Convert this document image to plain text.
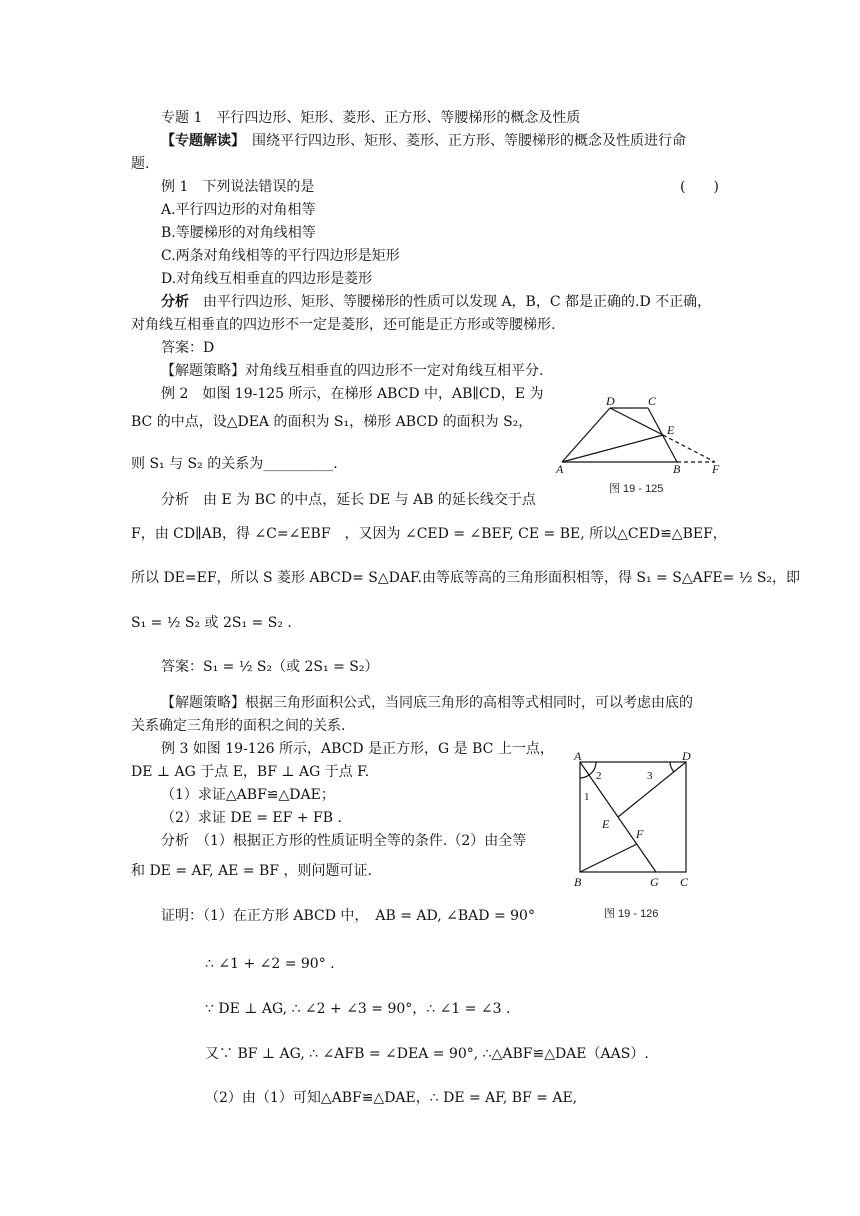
专题 1　平行四边形、矩形、菱形、正方形、等腰梯形的概念及性质
【专题解读】　围绕平行四边形、矩形、菱形、正方形、等腰梯形的概念及性质进行命
题.
例 1　下列说法错误的是	(　　)
A.平行四边形的对角相等
B.等腰梯形的对角线相等
C.两条对角线相等的平行四边形是矩形
D.对角线互相垂直的四边形是菱形
分析　由平行四边形、矩形、等腰梯形的性质可以发现 A，B，C 都是正确的.D 不正确，
对角线互相垂直的四边形不一定是菱形，还可能是正方形或等腰梯形.
答案：D
【解题策略】对角线互相垂直的四边形不一定对角线互相平分.
例 2　如图 19-125 所示，在梯形 ABCD 中，AB∥CD，E 为
BC 的中点，设△DEA 的面积为 S₁，梯形 ABCD 的面积为 S₂，
则 S₁ 与 S₂ 的关系为__________.
D	C
E
A	B	F
图 19 - 125
分析　由 E 为 BC 的中点，延长 DE 与 AB 的延长线交于点
F，由 CD∥AB，得 ∠C=∠EBF　，又因为 ∠CED = ∠BEF, CE = BE, 所以△CED≌△BEF，
所以 DE=EF，所以 S 菱形 ABCD= S△DAF.由等底等高的三角形面积相等，得 S₁ = S△AFE= ½ S₂，即
S₁ = ½ S₂ 或 2S₁ = S₂ .
答案：S₁ = ½ S₂（或 2S₁ = S₂）
【解题策略】根据三角形面积公式，当同底三角形的高相等式相同时，可以考虑由底的
关系确定三角形的面积之间的关系.
例 3 如图 19-126 所示，ABCD 是正方形，G 是 BC 上一点，
DE ⊥ AG 于点 E，BF ⊥ AG 于点 F.
（1）求证△ABF≌△DAE；
（2）求证 DE = EF + FB .
分析　（1）根据正方形的性质证明全等的条件.（2）由全等
和 DE = AF, AE = BF ，则问题可证.
A	D
2	3
1
E
F
B	G C
图 19 - 126
证明：（1）在正方形 ABCD 中，　AB = AD, ∠BAD = 90°
∴ ∠1 + ∠2 = 90° .
∵ DE ⊥ AG, ∴ ∠2 + ∠3 = 90°，∴ ∠1 = ∠3 .
又∵ BF ⊥ AG, ∴ ∠AFB = ∠DEA = 90°, ∴△ABF≌△DAE（AAS）.
（2）由（1）可知△ABF≌△DAE，∴ DE = AF, BF = AE,
